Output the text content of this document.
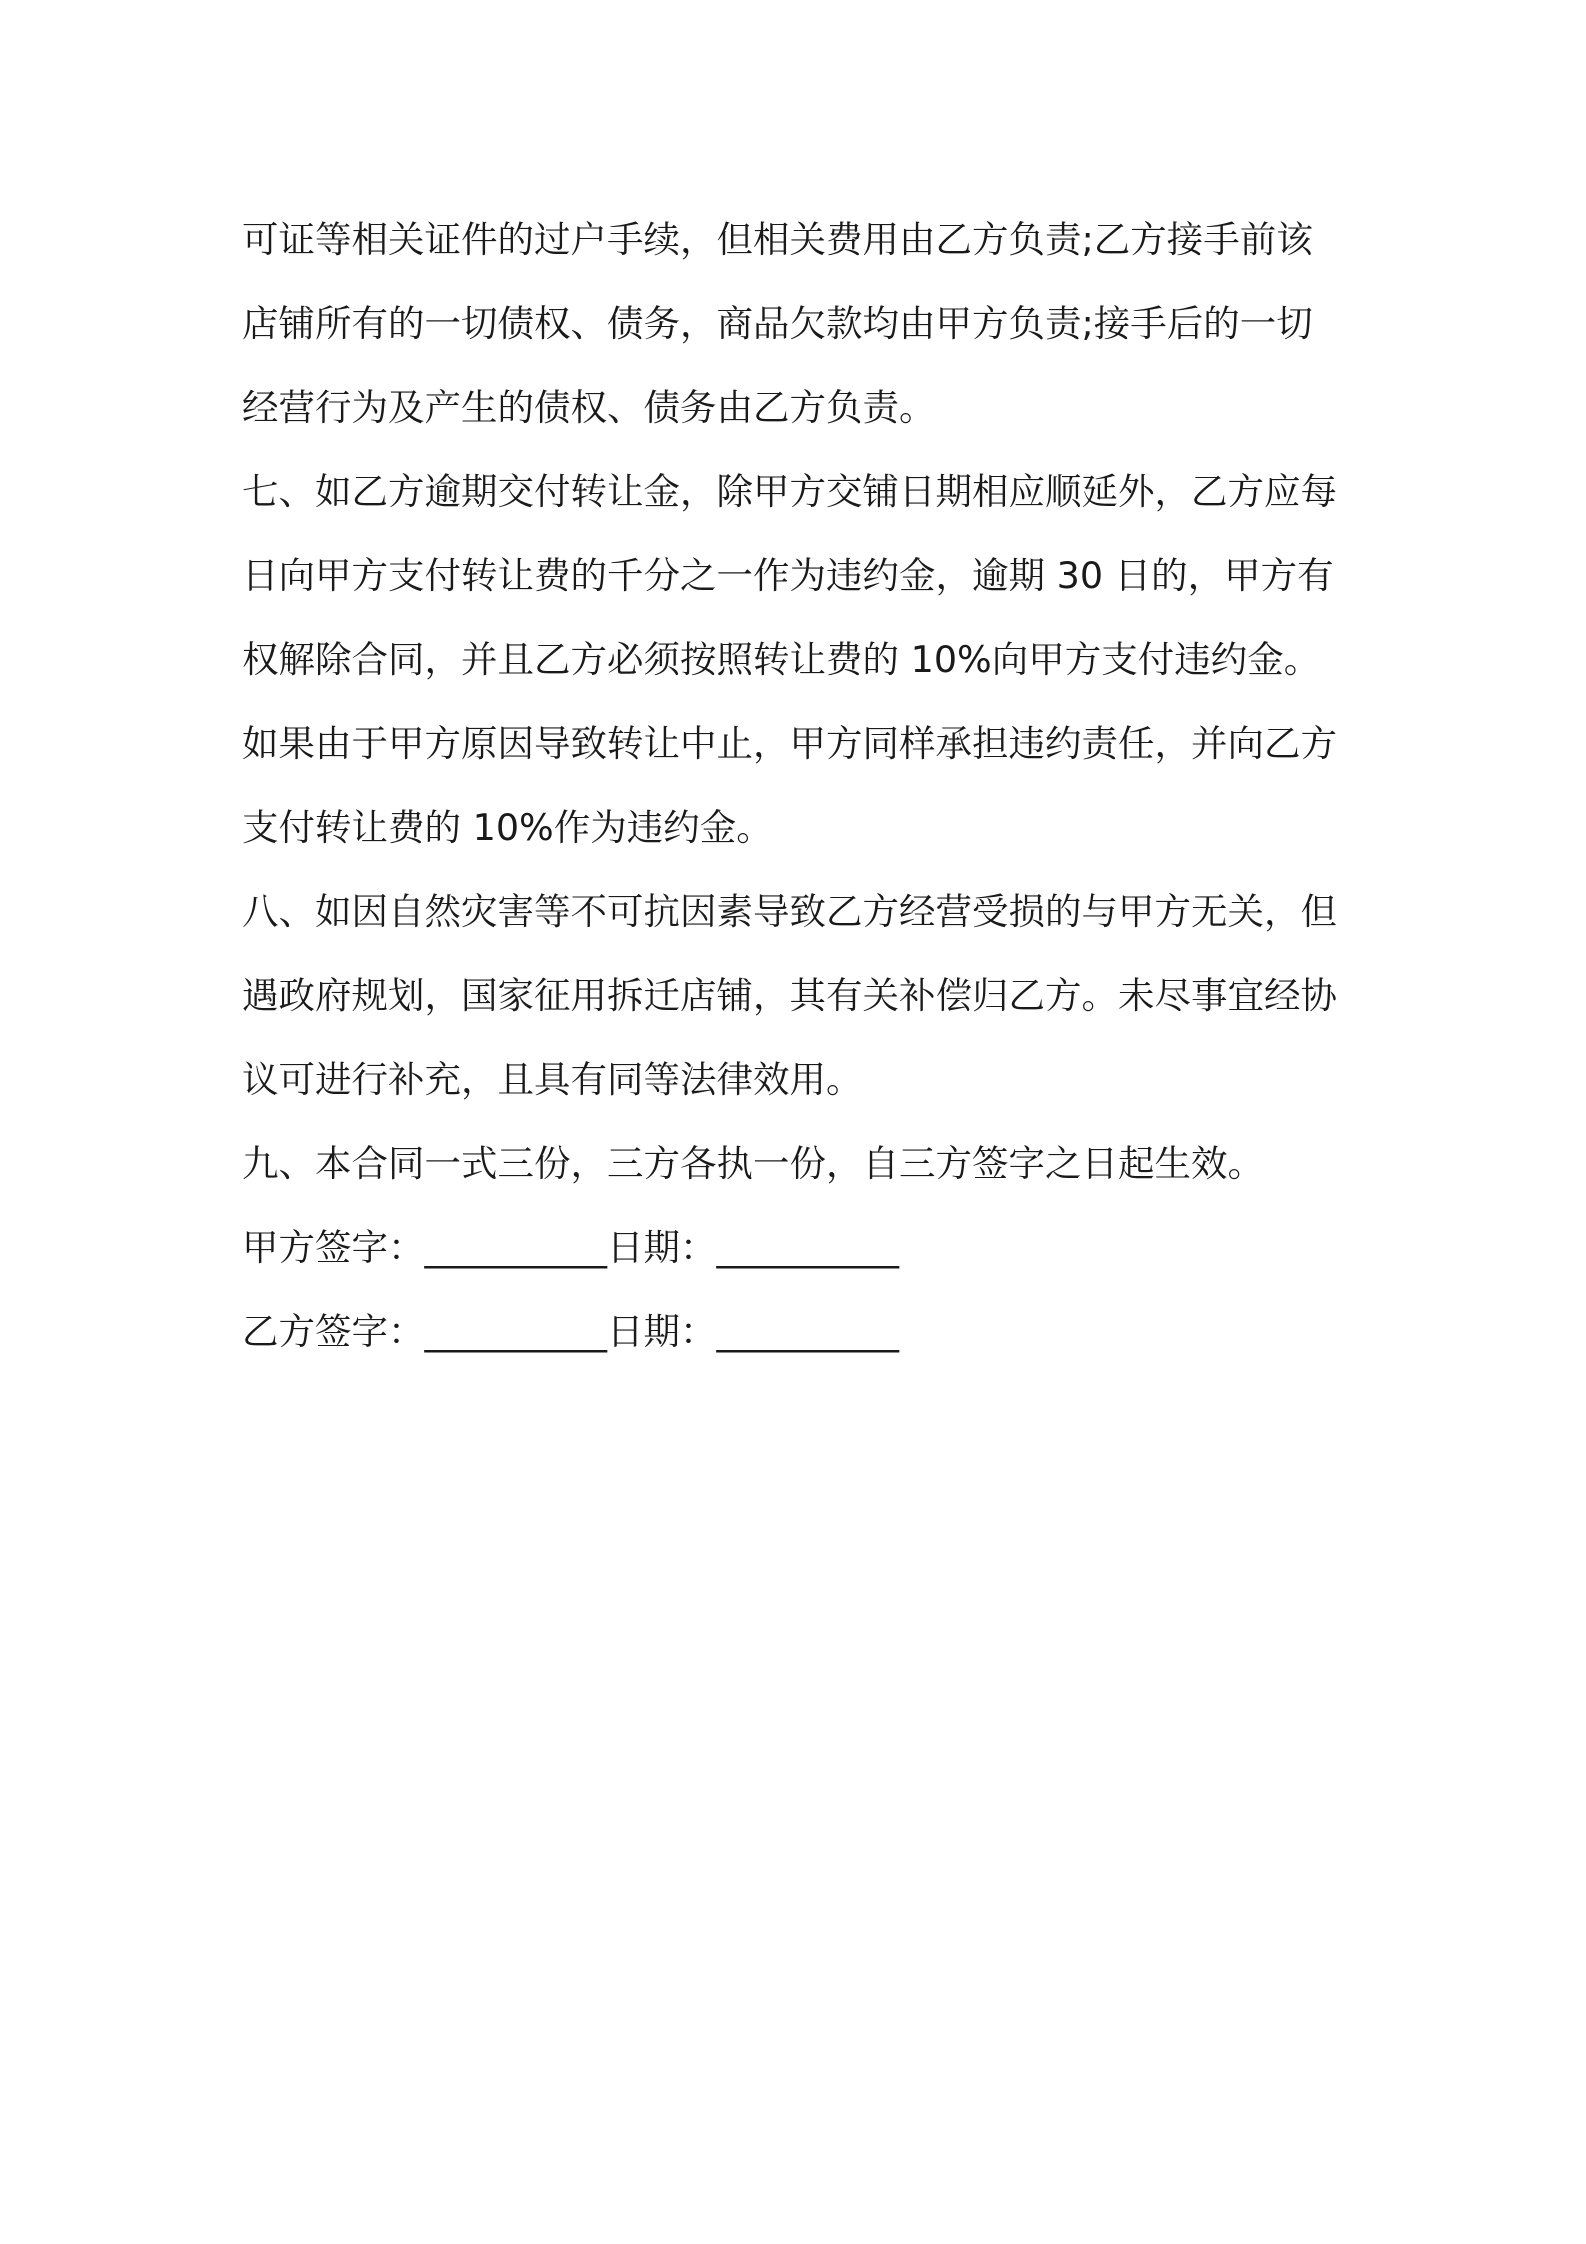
可证等相关证件的过户手续，但相关费用由乙方负责;乙方接手前该

店铺所有的一切债权、债务，商品欠款均由甲方负责;接手后的一切

经营行为及产生的债权、债务由乙方负责。

七、如乙方逾期交付转让金，除甲方交铺日期相应顺延外，乙方应每

日向甲方支付转让费的千分之一作为违约金，逾期 30 日的，甲方有

权解除合同，并且乙方必须按照转让费的 10%向甲方支付违约金。

如果由于甲方原因导致转让中止，甲方同样承担违约责任，并向乙方

支付转让费的 10%作为违约金。

八、如因自然灾害等不可抗因素导致乙方经营受损的与甲方无关，但

遇政府规划，国家征用拆迁店铺，其有关补偿归乙方。未尽事宜经协

议可进行补充，且具有同等法律效用。

九、本合同一式三份，三方各执一份，自三方签字之日起生效。

甲方签字：__________日期：__________
乙方签字：__________日期：__________
